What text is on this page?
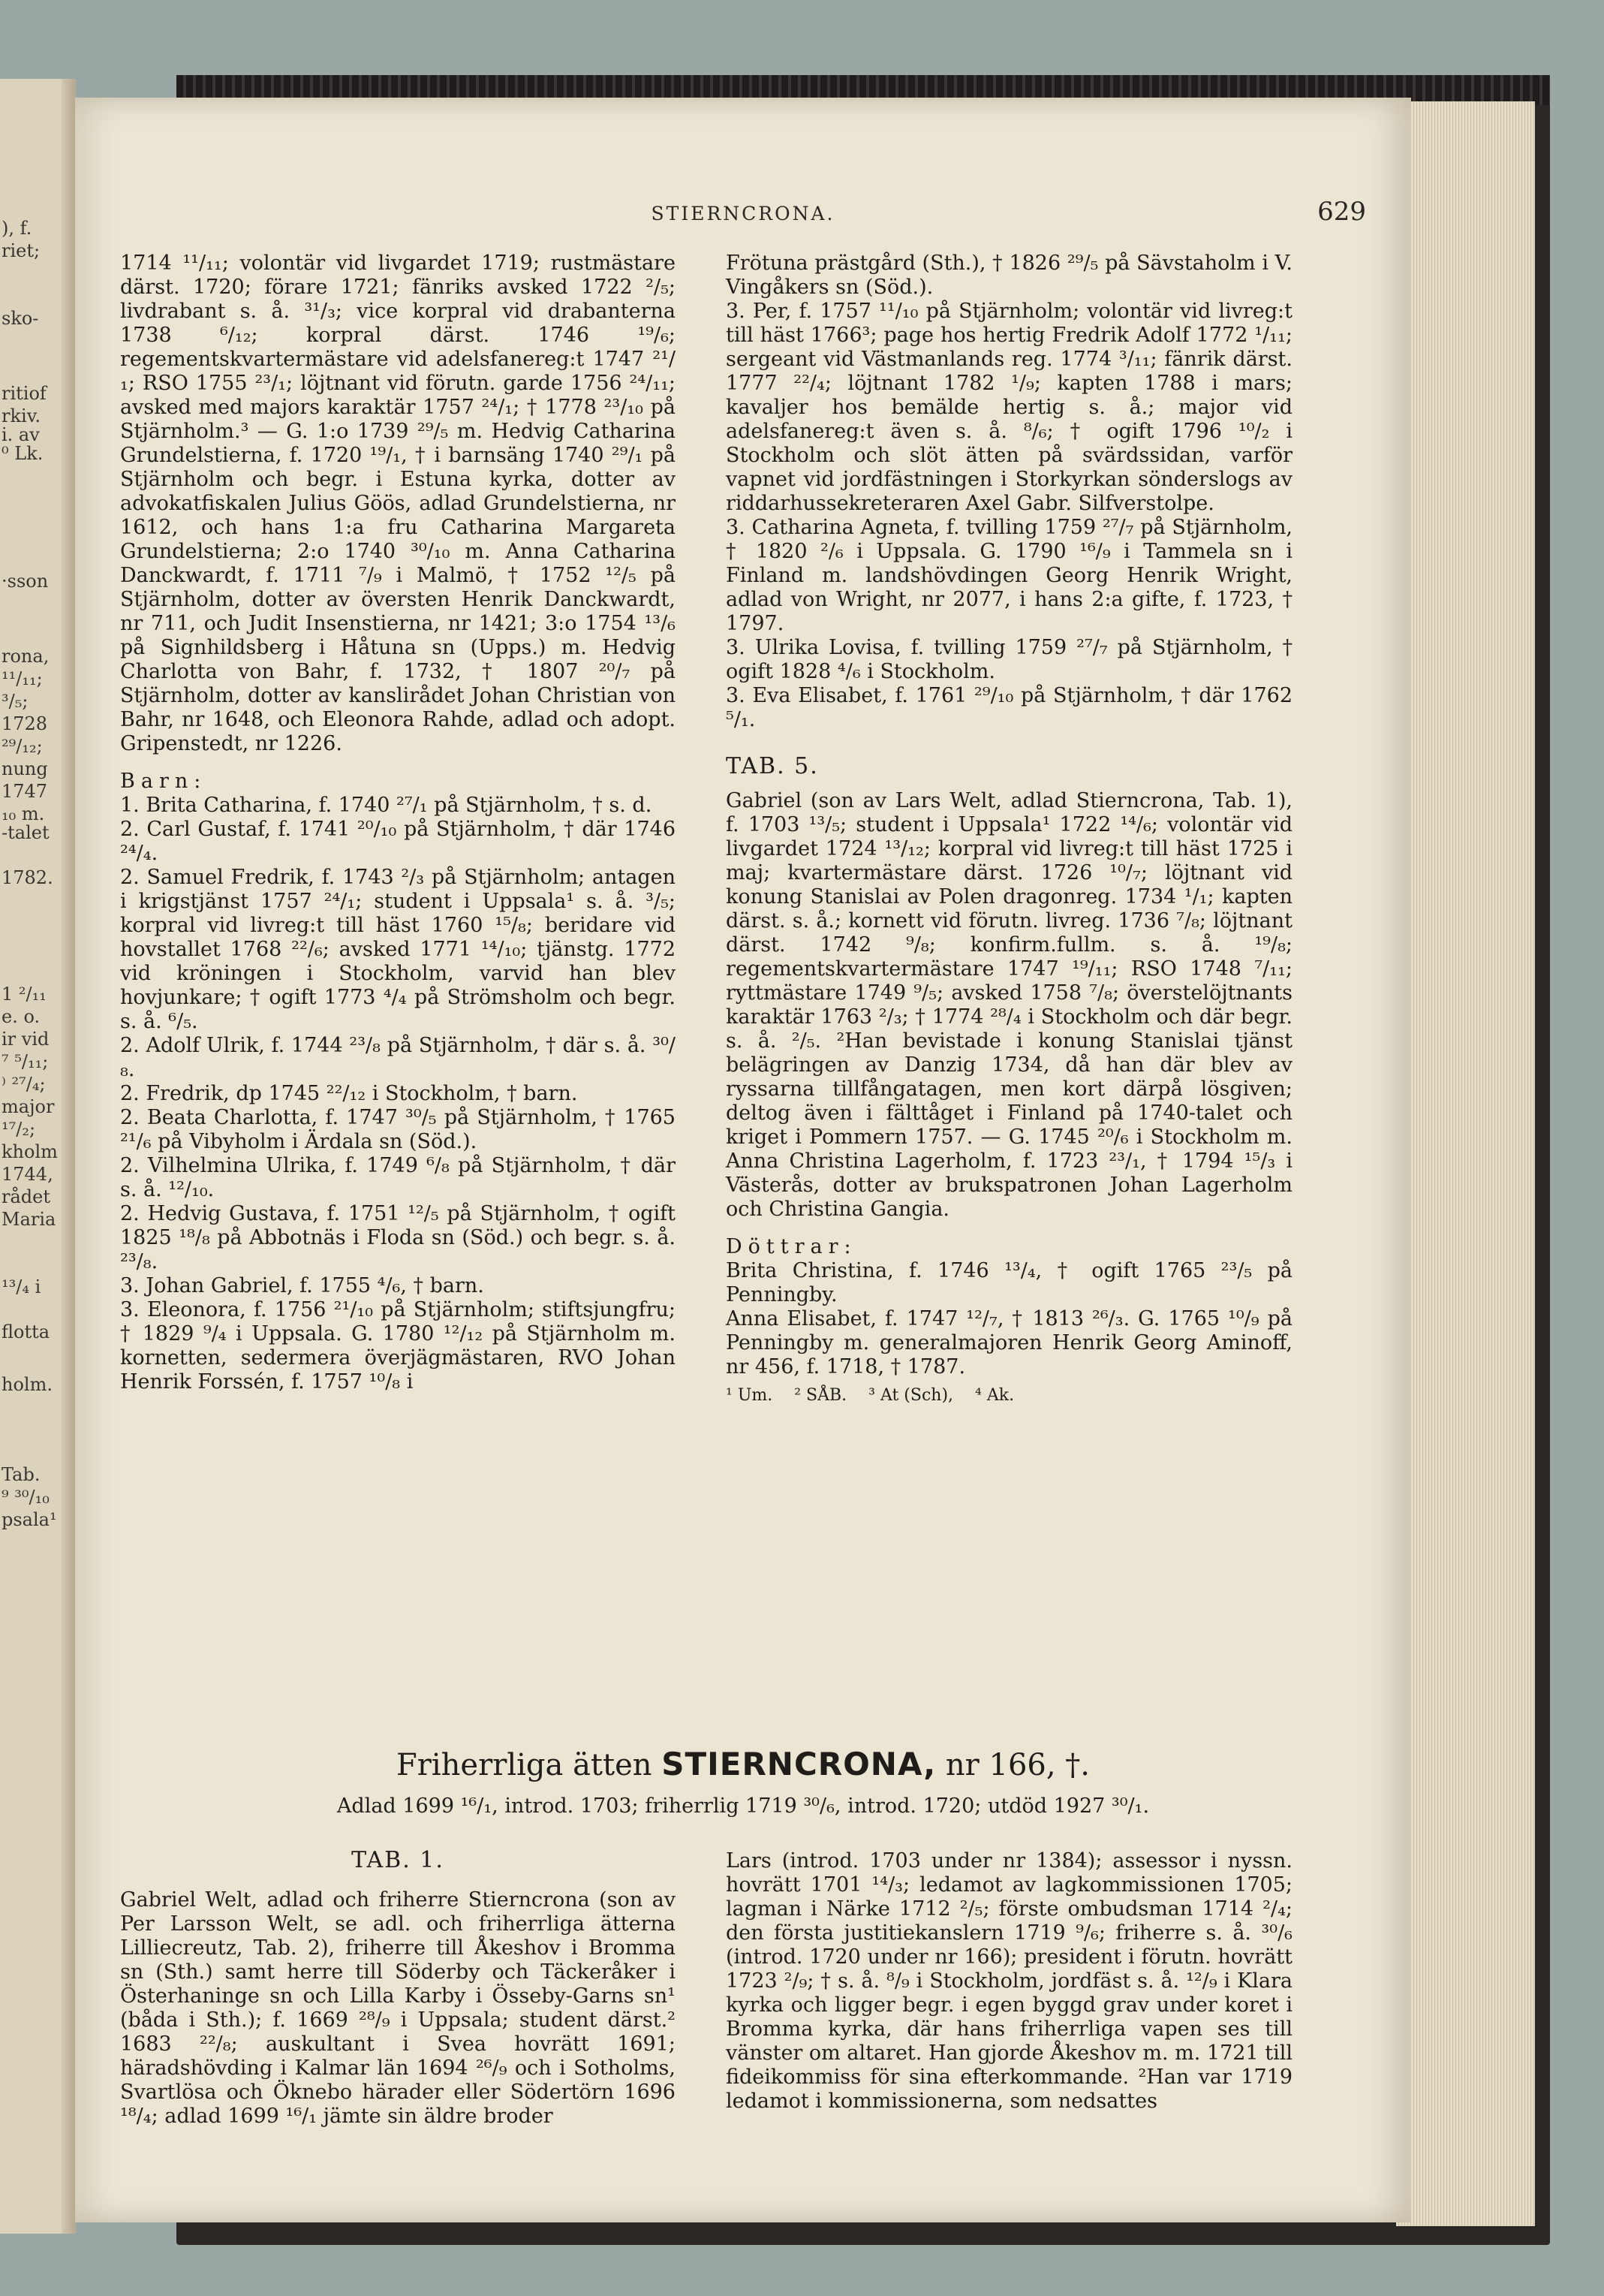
), f.
riet;
sko-
ritiof
rkiv.
i. av
⁰ Lk.
·sson
rona,
¹¹/₁₁;
³/₅;
1728
²⁹/₁₂;
nung
1747
₁₀ m.
-talet
1782.
1 ²/₁₁
e. o.
ir vid
⁷ ⁵/₁₁;
⁾ ²⁷/₄;
major
¹⁷/₂;
kholm
1744,
rådet
Maria
¹³/₄ i
flotta
holm.
Tab.
⁹ ³⁰/₁₀
psala¹
STIERNCRONA.	629

1714 ¹¹/₁₁; volontär vid livgardet 1719; rustmästare därst. 1720; förare 1721; fänriks avsked 1722 ²/₅; livdrabant s. å. ³¹/₃; vice korpral vid drabanterna 1738 ⁶/₁₂; korpral därst. 1746 ¹⁹/₆; regementskvartermästare vid adelsfanereg:t 1747 ²¹/₁; RSO 1755 ²³/₁; löjtnant vid förutn. garde 1756 ²⁴/₁₁; avsked med majors karaktär 1757 ²⁴/₁; † 1778 ²³/₁₀ på Stjärnholm.³ — G. 1:o 1739 ²⁹/₅ m. Hedvig Catharina Grundelstierna, f. 1720 ¹⁹/₁, † i barnsäng 1740 ²⁹/₁ på Stjärnholm och begr. i Estuna kyrka, dotter av advokatfiskalen Julius Göös, adlad Grundelstierna, nr 1612, och hans 1:a fru Catharina Margareta Grundelstierna; 2:o 1740 ³⁰/₁₀ m. Anna Catharina Danckwardt, f. 1711 ⁷/₉ i Malmö, † 1752 ¹²/₅ på Stjärnholm, dotter av översten Henrik Danckwardt, nr 711, och Judit Insenstierna, nr 1421; 3:o 1754 ¹³/₆ på Signhildsberg i Håtuna sn (Upps.) m. Hedvig Charlotta von Bahr, f. 1732, † 1807 ²⁰/₇ på Stjärnholm, dotter av kanslirådet Johan Christian von Bahr, nr 1648, och Eleonora Rahde, adlad och adopt. Gripenstedt, nr 1226.

Barn:

1. Brita Catharina, f. 1740 ²⁷/₁ på Stjärnholm, † s. d.

2. Carl Gustaf, f. 1741 ²⁰/₁₀ på Stjärnholm, † där 1746 ²⁴/₄.

2. Samuel Fredrik, f. 1743 ²/₃ på Stjärnholm; antagen i krigstjänst 1757 ²⁴/₁; student i Uppsala¹ s. å. ³/₅; korpral vid livreg:t till häst 1760 ¹⁵/₈; beridare vid hovstallet 1768 ²²/₆; avsked 1771 ¹⁴/₁₀; tjänstg. 1772 vid kröningen i Stockholm, varvid han blev hovjunkare; † ogift 1773 ⁴/₄ på Strömsholm och begr. s. å. ⁶/₅.

2. Adolf Ulrik, f. 1744 ²³/₈ på Stjärnholm, † där s. å. ³⁰/₈.

2. Fredrik, dp 1745 ²²/₁₂ i Stockholm, † barn.

2. Beata Charlotta, f. 1747 ³⁰/₅ på Stjärnholm, † 1765 ²¹/₆ på Vibyholm i Ärdala sn (Söd.).

2. Vilhelmina Ulrika, f. 1749 ⁶/₈ på Stjärnholm, † där s. å. ¹²/₁₀.

2. Hedvig Gustava, f. 1751 ¹²/₅ på Stjärnholm, † ogift 1825 ¹⁸/₈ på Abbotnäs i Floda sn (Söd.) och begr. s. å. ²³/₈.

3. Johan Gabriel, f. 1755 ⁴/₆, † barn.

3. Eleonora, f. 1756 ²¹/₁₀ på Stjärnholm; stiftsjungfru; † 1829 ⁹/₄ i Uppsala. G. 1780 ¹²/₁₂ på Stjärnholm m. kornetten, sedermera överjägmästaren, RVO Johan Henrik Forssén, f. 1757 ¹⁰/₈ i

Frötuna prästgård (Sth.), † 1826 ²⁹/₅ på Sävstaholm i V. Vingåkers sn (Söd.).

3. Per, f. 1757 ¹¹/₁₀ på Stjärnholm; volontär vid livreg:t till häst 1766³; page hos hertig Fredrik Adolf 1772 ¹/₁₁; sergeant vid Västmanlands reg. 1774 ³/₁₁; fänrik därst. 1777 ²²/₄; löjtnant 1782 ¹/₉; kapten 1788 i mars; kavaljer hos bemälde hertig s. å.; major vid adelsfanereg:t även s. å. ⁸/₆; † ogift 1796 ¹⁰/₂ i Stockholm och slöt ätten på svärdssidan, varför vapnet vid jordfästningen i Storkyrkan sönderslogs av riddarhussekreteraren Axel Gabr. Silfverstolpe.

3. Catharina Agneta, f. tvilling 1759 ²⁷/₇ på Stjärnholm, † 1820 ²/₆ i Uppsala. G. 1790 ¹⁶/₉ i Tammela sn i Finland m. landshövdingen Georg Henrik Wright, adlad von Wright, nr 2077, i hans 2:a gifte, f. 1723, † 1797.

3. Ulrika Lovisa, f. tvilling 1759 ²⁷/₇ på Stjärnholm, † ogift 1828 ⁴/₆ i Stockholm.

3. Eva Elisabet, f. 1761 ²⁹/₁₀ på Stjärnholm, † där 1762 ⁵/₁.

TAB. 5.

Gabriel (son av Lars Welt, adlad Stierncrona, Tab. 1), f. 1703 ¹³/₅; student i Uppsala¹ 1722 ¹⁴/₆; volontär vid livgardet 1724 ¹³/₁₂; korpral vid livreg:t till häst 1725 i maj; kvartermästare därst. 1726 ¹⁰/₇; löjtnant vid konung Stanislai av Polen dragonreg. 1734 ¹/₁; kapten därst. s. å.; kornett vid förutn. livreg. 1736 ⁷/₈; löjtnant därst. 1742 ⁹/₈; konfirm.fullm. s. å. ¹⁹/₈; regementskvartermästare 1747 ¹⁹/₁₁; RSO 1748 ⁷/₁₁; ryttmästare 1749 ⁹/₅; avsked 1758 ⁷/₈; överstelöjtnants karaktär 1763 ²/₃; † 1774 ²⁸/₄ i Stockholm och där begr. s. å. ²/₅. ²Han bevistade i konung Stanislai tjänst belägringen av Danzig 1734, då han där blev av ryssarna tillfångatagen, men kort därpå lösgiven; deltog även i fälttåget i Finland på 1740-talet och kriget i Pommern 1757. — G. 1745 ²⁰/₆ i Stockholm m. Anna Christina Lagerholm, f. 1723 ²³/₁, † 1794 ¹⁵/₃ i Västerås, dotter av brukspatronen Johan Lagerholm och Christina Gangia.

Döttrar:

Brita Christina, f. 1746 ¹³/₄, † ogift 1765 ²³/₅ på Penningby.

Anna Elisabet, f. 1747 ¹²/₇, † 1813 ²⁶/₃. G. 1765 ¹⁰/₉ på Penningby m. generalmajoren Henrik Georg Aminoff, nr 456, f. 1718, † 1787.

¹ Um. ² SÅB. ³ At (Sch), ⁴ Ak.

Friherrliga ätten STIERNCRONA, nr 166, †.
Adlad 1699 ¹⁶/₁, introd. 1703; friherrlig 1719 ³⁰/₆, introd. 1720; utdöd 1927 ³⁰/₁.
TAB. 1.

Gabriel Welt, adlad och friherre Stierncrona (son av Per Larsson Welt, se adl. och friherrliga ätterna Lilliecreutz, Tab. 2), friherre till Åkeshov i Bromma sn (Sth.) samt herre till Söderby och Täckeråker i Österhaninge sn och Lilla Karby i Össeby-Garns sn¹ (båda i Sth.); f. 1669 ²⁸/₉ i Uppsala; student därst.² 1683 ²²/₈; auskultant i Svea hovrätt 1691; häradshövding i Kalmar län 1694 ²⁶/₉ och i Sotholms, Svartlösa och Öknebo härader eller Södertörn 1696 ¹⁸/₄; adlad 1699 ¹⁶/₁ jämte sin äldre broder

Lars (introd. 1703 under nr 1384); assessor i nyssn. hovrätt 1701 ¹⁴/₃; ledamot av lagkommissionen 1705; lagman i Närke 1712 ²/₅; förste ombudsman 1714 ²/₄; den första justitiekanslern 1719 ⁹/₆; friherre s. å. ³⁰/₆ (introd. 1720 under nr 166); president i förutn. hovrätt 1723 ²/₉; † s. å. ⁸/₉ i Stockholm, jordfäst s. å. ¹²/₉ i Klara kyrka och ligger begr. i egen byggd grav under koret i Bromma kyrka, där hans friherrliga vapen ses till vänster om altaret. Han gjorde Åkeshov m. m. 1721 till fideikommiss för sina efterkommande. ²Han var 1719 ledamot i kommissionerna, som nedsattes
